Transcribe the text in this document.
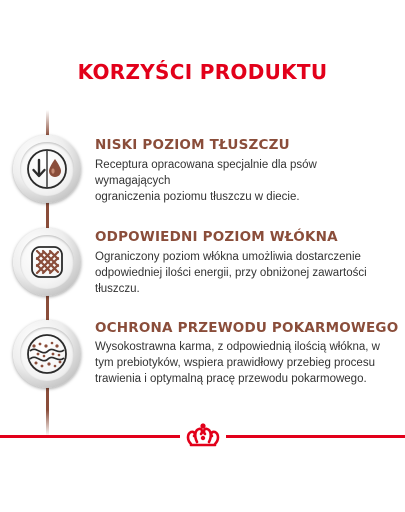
KORZYŚCI PRODUKTU
NISKI POZIOM TŁUSZCZU

Receptura opracowana specjalnie dla psów wymagających
ograniczenia poziomu tłuszczu w diecie.

ODPOWIEDNI POZIOM WŁÓKNA

Ograniczony poziom włókna umożliwia dostarczenie
odpowiedniej ilości energii, przy obniżonej zawartości
tłuszczu.

OCHRONA PRZEWODU POKARMOWEGO

Wysokostrawna karma, z odpowiednią ilością włókna, w
tym prebiotyków, wspiera prawidłowy przebieg procesu
trawienia i optymalną pracę przewodu pokarmowego.
